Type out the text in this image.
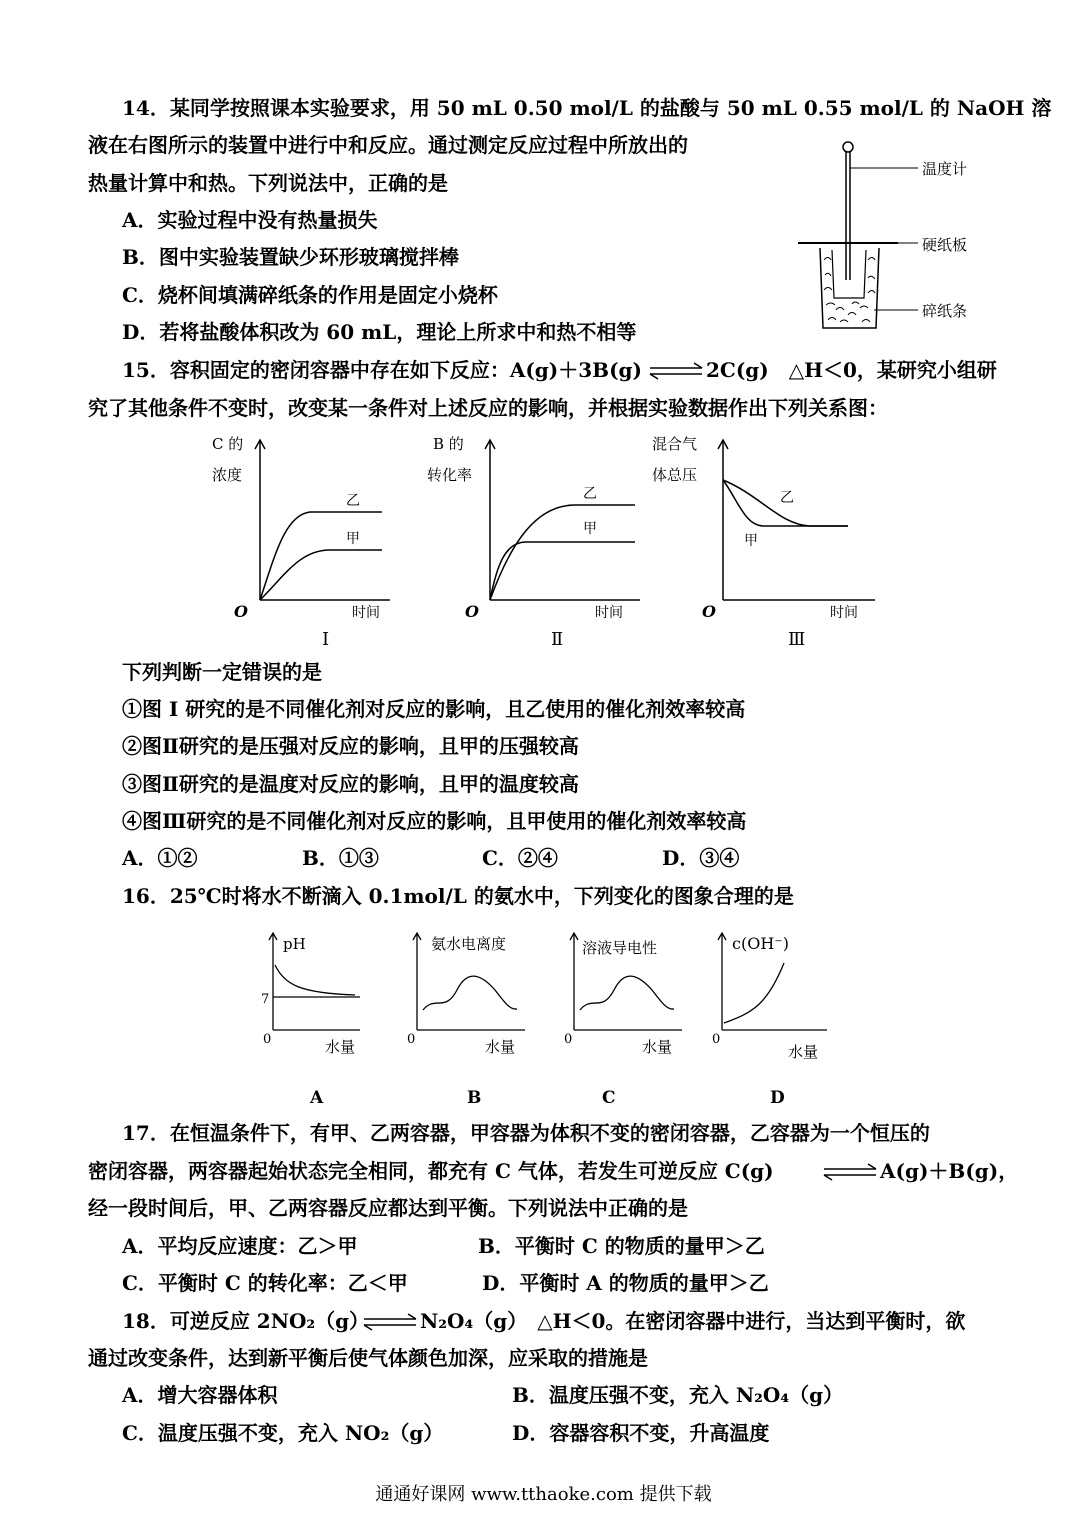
14．某同学按照课本实验要求，用 50 mL 0.50 mol/L 的盐酸与 50 mL 0.55 mol/L 的 NaOH 溶
液在右图所示的装置中进行中和反应。通过测定反应过程中所放出的
热量计算中和热。下列说法中，正确的是
A．实验过程中没有热量损失
B．图中实验装置缺少环形玻璃搅拌棒
C．烧杯间填满碎纸条的作用是固定小烧杯
D．若将盐酸体积改为 60 mL，理论上所求中和热不相等
温度计
硬纸板
碎纸条
15．容积固定的密闭容器中存在如下反应：A(g)＋3B(g) ⇌ 2C(g)　△H＜0，某研究小组研
究了其他条件不变时，改变某一条件对上述反应的影响，并根据实验数据作出下列关系图：
C 的
浓度
乙
甲
O	时间
Ⅰ
B 的
转化率
乙
甲
O	时间
Ⅱ
混合气
体总压
乙
甲
O	时间
Ⅲ
下列判断一定错误的是
①图 I 研究的是不同催化剂对反应的影响，且乙使用的催化剂效率较高
②图Ⅱ研究的是压强对反应的影响，且甲的压强较高
③图Ⅱ研究的是温度对反应的影响，且甲的温度较高
④图Ⅲ研究的是不同催化剂对反应的影响，且甲使用的催化剂效率较高
A．①②	B．①③	C．②④	D．③④
16．25℃时将水不断滴入 0.1mol/L 的氨水中，下列变化的图象合理的是
pH
7
0	水量
A
氨水电离度
0	水量
B
溶液导电性
0	水量
C
c(OH⁻)
0
水量
D
17．在恒温条件下，有甲、乙两容器，甲容器为体积不变的密闭容器，乙容器为一个恒压的
密闭容器，两容器起始状态完全相同，都充有 C 气体，若发生可逆反应 C(g)	⇌ A(g)＋B(g)，
经一段时间后，甲、乙两容器反应都达到平衡。下列说法中正确的是
A．平均反应速度：乙＞甲	B．平衡时 C 的物质的量甲＞乙
C．平衡时 C 的转化率：乙＜甲	D．平衡时 A 的物质的量甲＞乙
18．可逆反应 2NO₂（g） ⇌ N₂O₄（g）　△H＜0。在密闭容器中进行，当达到平衡时，欲
通过改变条件，达到新平衡后使气体颜色加深，应采取的措施是
A．增大容器体积	B．温度压强不变，充入 N₂O₄（g）
C．温度压强不变，充入 NO₂（g）	D．容器容积不变，升高温度
通通好课网 www.tthaoke.com 提供下载
